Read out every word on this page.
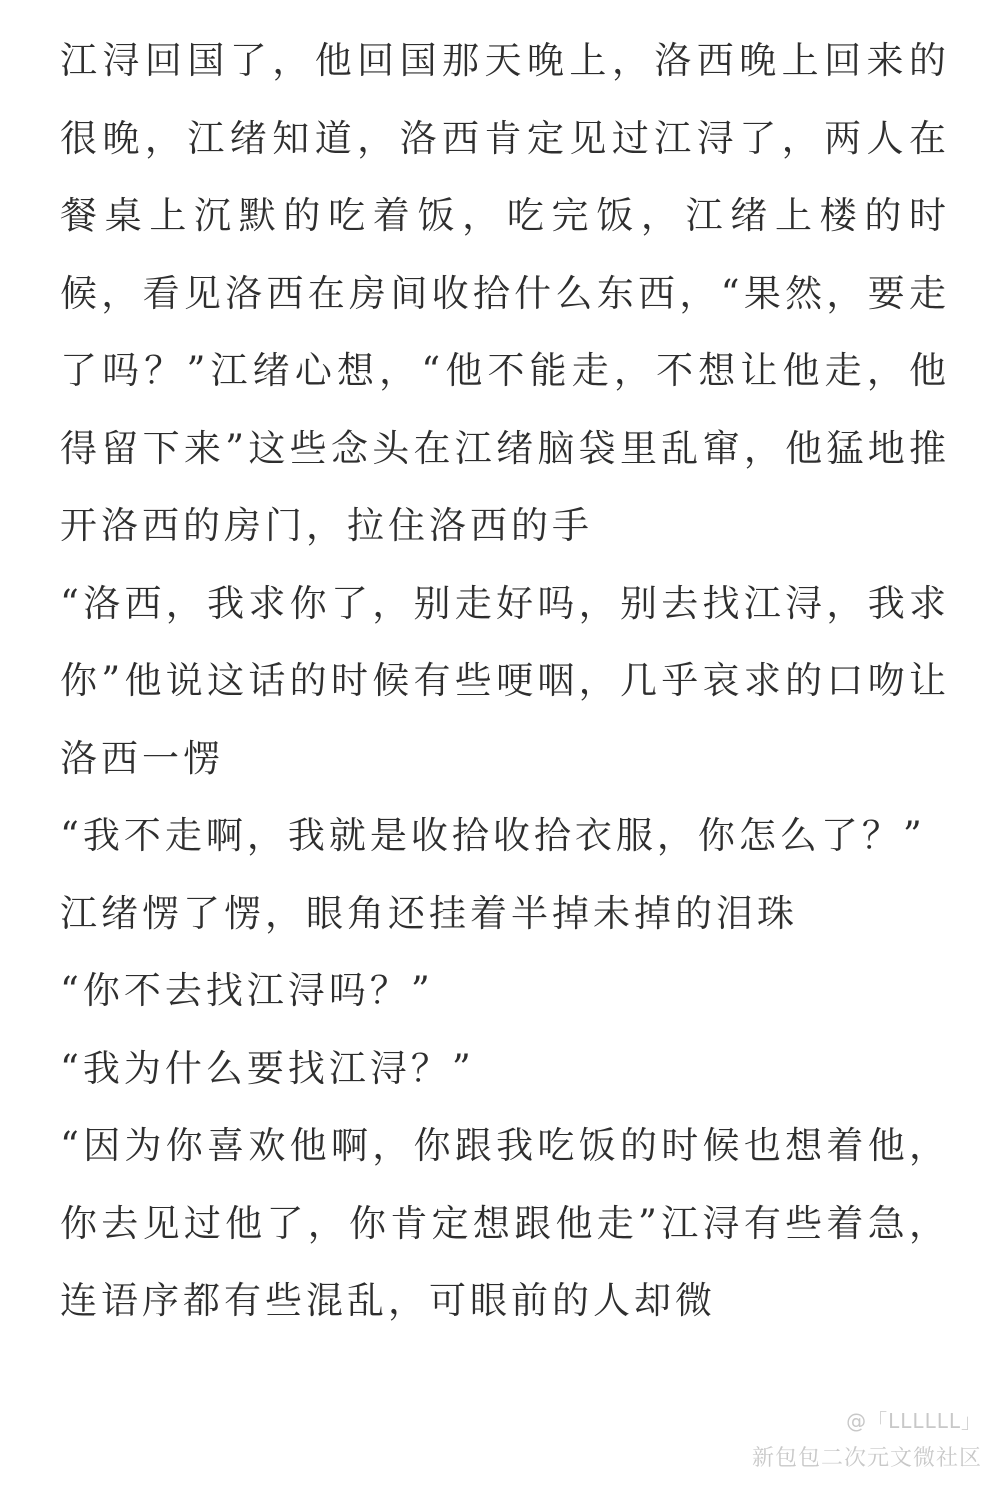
江浔回国了，他回国那天晚上，洛西晚上回来的很晚，江绪知道，洛西肯定见过江浔了，两人在餐桌上沉默的吃着饭，吃完饭，江绪上楼的时候，看见洛西在房间收拾什么东西，“果然，要走了吗？”江绪心想，“他不能走，不想让他走，他得留下来”这些念头在江绪脑袋里乱窜，他猛地推开洛西的房门，拉住洛西的手

“洛西，我求你了，别走好吗，别去找江浔，我求你”他说这话的时候有些哽咽，几乎哀求的口吻让洛西一愣

“我不走啊，我就是收拾收拾衣服，你怎么了？”

江绪愣了愣，眼角还挂着半掉未掉的泪珠

“你不去找江浔吗？”

“我为什么要找江浔？”

“因为你喜欢他啊，你跟我吃饭的时候也想着他，你去见过他了，你肯定想跟他走”江浔有些着急，连语序都有些混乱，可眼前的人却微

@「LLLLLL」
新包包二次元文微社区
